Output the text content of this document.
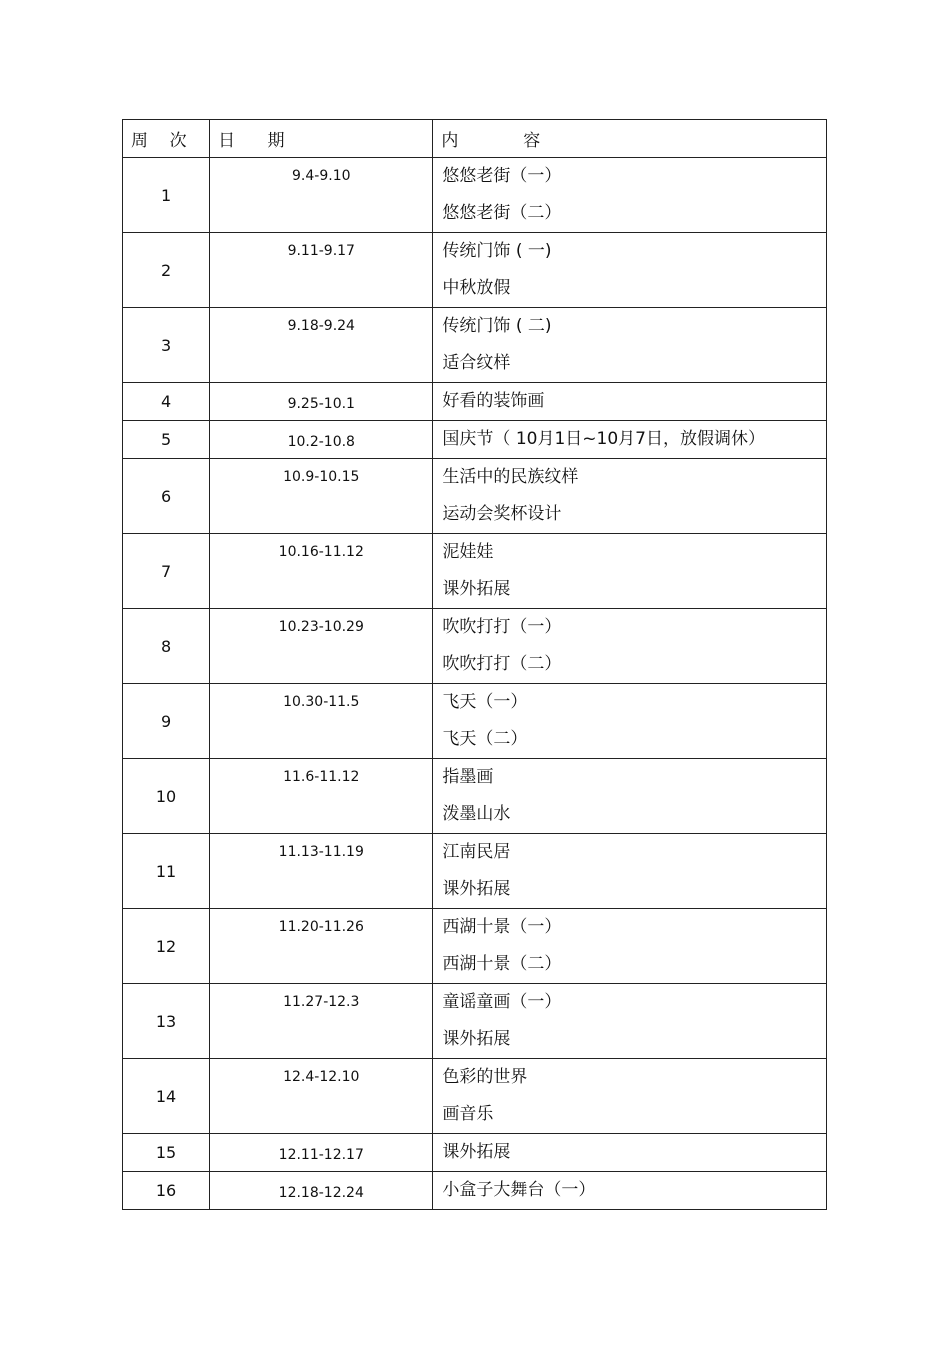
周    次	日      期	内            容
1	9.4-9.10	悠悠老街（一）
悠悠老街（二）

2	9.11-9.17	传统门饰 ( 一)
中秋放假

3	9.18-9.24	传统门饰 ( 二)
适合纹样

4	9.25-10.1	好看的装饰画

5	10.2-10.8	国庆节（ 10月1日~10月7日，放假调休）

6	10.9-10.15	生活中的民族纹样
运动会奖杯设计

7	10.16-11.12	泥娃娃
课外拓展

8	10.23-10.29	吹吹打打（一）
吹吹打打（二）

9	10.30-11.5	飞天（一）
飞天（二）

10	11.6-11.12	指墨画
泼墨山水

11	11.13-11.19	江南民居
课外拓展

12	11.20-11.26	西湖十景（一）
西湖十景（二）

13	11.27-12.3	童谣童画（一）
课外拓展

14	12.4-12.10	色彩的世界
画音乐

15	12.11-12.17	课外拓展

16	12.18-12.24	小盒子大舞台（一）
